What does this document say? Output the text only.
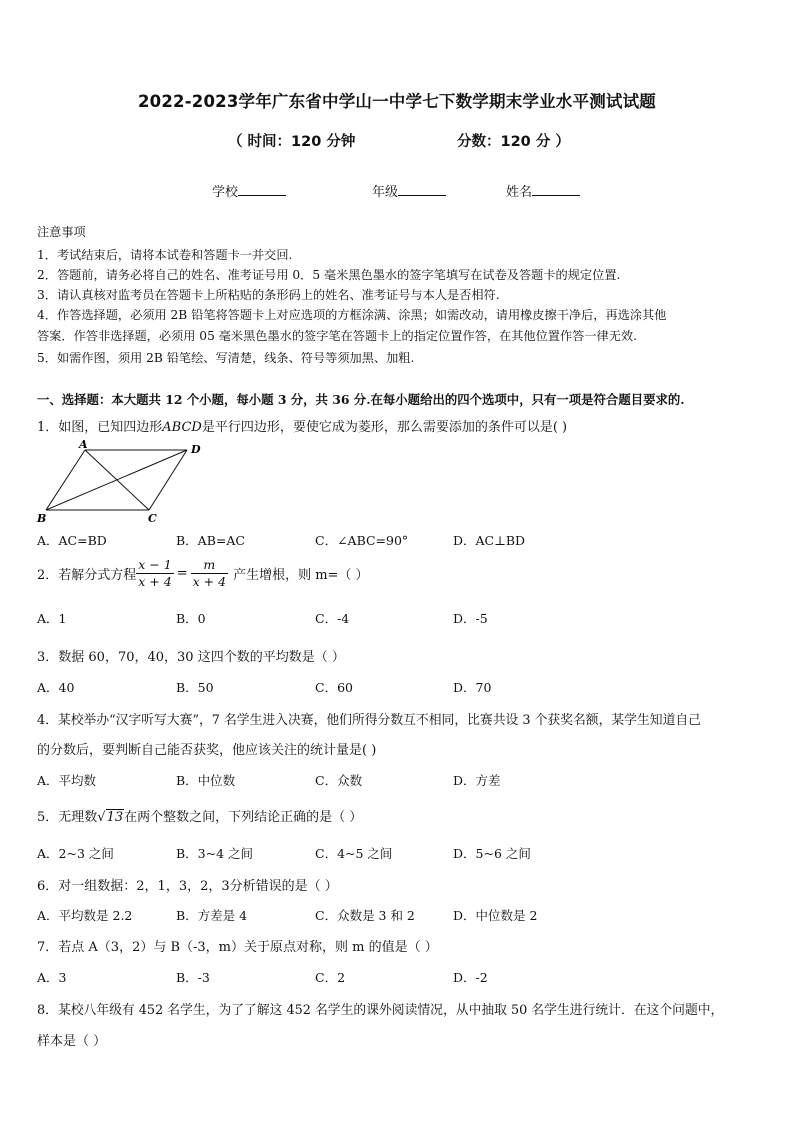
2022-2023学年广东省中学山一中学七下数学期末学业水平测试试题
（ 时间：120 分钟	分数：120 分 ）
学校	年级	姓名
注意事项
1．考试结束后，请将本试卷和答题卡一并交回.
2．答题前，请务必将自己的姓名、准考证号用 0．5 毫米黑色墨水的签字笔填写在试卷及答题卡的规定位置.
3．请认真核对监考员在答题卡上所粘贴的条形码上的姓名、准考证号与本人是否相符.
4．作答选择题，必须用 2B 铅笔将答题卡上对应选项的方框涂满、涂黑；如需改动，请用橡皮擦干净后，再选涂其他
答案．作答非选择题，必须用 05 毫米黑色墨水的签字笔在答题卡上的指定位置作答，在其他位置作答一律无效.
5．如需作图，须用 2B 铅笔绘、写清楚，线条、符号等须加黑、加粗.
一、选择题：本大题共 12 个小题，每小题 3 分，共 36 分.在每小题给出的四个选项中，只有一项是符合题目要求的.
1．如图，已知四边形ABCD是平行四边形，要使它成为菱形，那么需要添加的条件可以是( )
A	D
B	C
A．AC=BD	B．AB=AC	C．∠ABC=90°	D．AC⊥BD
2．若解分式方程 $\frac{x - 1}{x + 4} = \frac{m}{x + 4}$ 产生增根，则 m=（ ）
A．1	B．0	C．-4	D．-5
3．数据 60，70，40，30 这四个数的平均数是（ ）
A．40	B．50	C．60	D．70
4．某校举办“汉字听写大赛”，7 名学生进入决赛，他们所得分数互不相同，比赛共设 3 个获奖名额，某学生知道自己
的分数后，要判断自己能否获奖，他应该关注的统计量是( )
A．平均数	B．中位数	C．众数	D．方差
5．无理数√13在两个整数之间，下列结论正确的是（ ）
A．2~3 之间	B．3~4 之间	C．4~5 之间	D．5~6 之间
6．对一组数据：2，1，3，2，3分析错误的是（ ）
A．平均数是 2.2	B．方差是 4	C．众数是 3 和 2	D．中位数是 2
7．若点 A（3，2）与 B（-3，m）关于原点对称，则 m 的值是（ ）
A．3	B．-3	C．2	D．-2
8．某校八年级有 452 名学生，为了了解这 452 名学生的课外阅读情况，从中抽取 50 名学生进行统计．在这个问题中，
样本是（ ）
